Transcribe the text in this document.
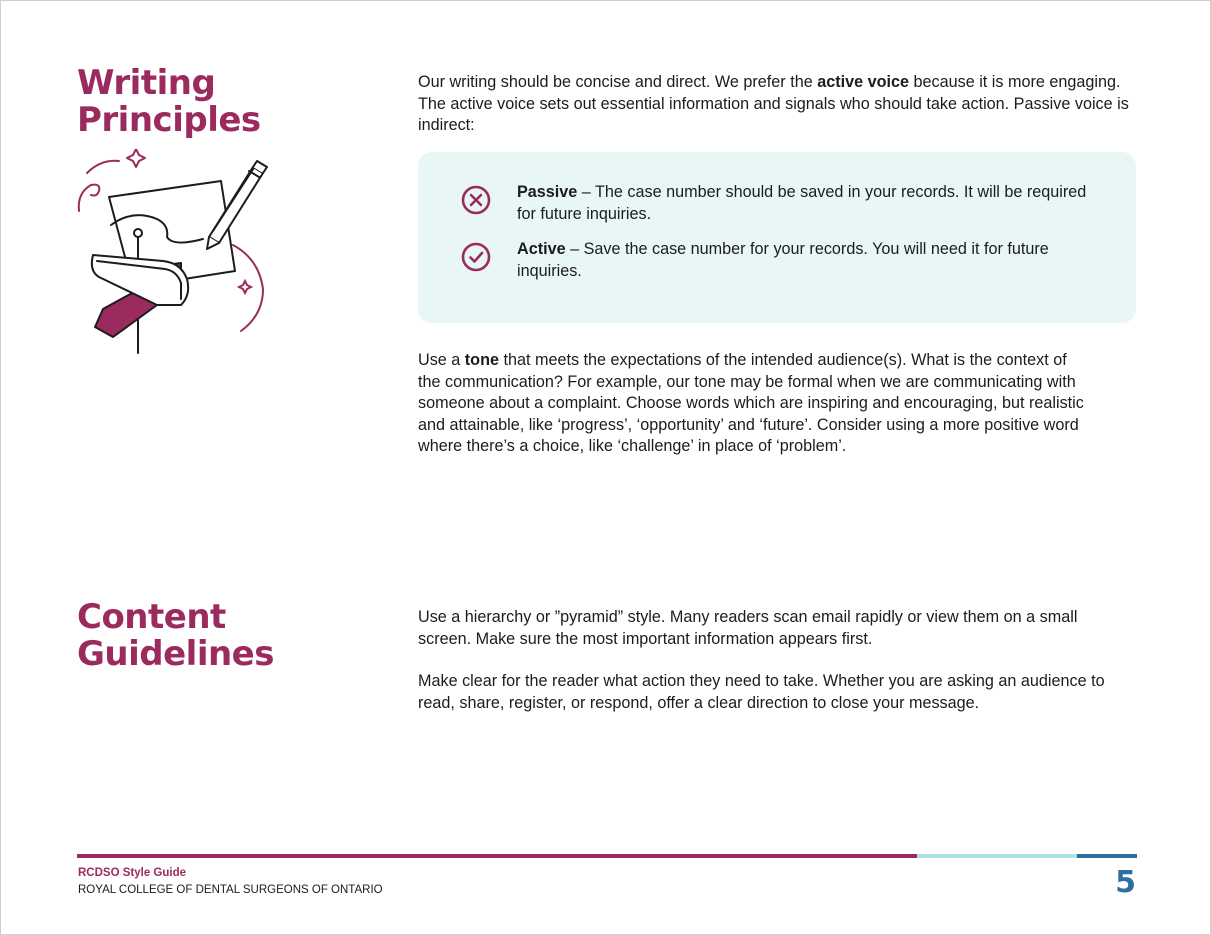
Writing
Principles

Our writing should be concise and direct. We prefer the active voice because it is more engaging. The active voice sets out essential information and signals who should take action. Passive voice is indirect:

Passive – The case number should be saved in your records. It will be required for future inquiries.
Active – Save the case number for your records. You will need it for future inquiries.

Use a tone that meets the expectations of the intended audience(s). What is the context of the communication? For example, our tone may be formal when we are communicating with someone about a complaint. Choose words which are inspiring and encouraging, but realistic and attainable, like ‘progress’, ‘opportunity’ and ‘future’. Consider using a more positive word where there’s a choice, like ‘challenge’ in place of ‘problem’.

Content
Guidelines

Use a hierarchy or ”pyramid” style. Many readers scan email rapidly or view them on a small screen. Make sure the most important information appears first.

Make clear for the reader what action they need to take. Whether you are asking an audience to read, share, register, or respond, offer a clear direction to close your message.

RCDSO Style Guide
ROYAL COLLEGE OF DENTAL SURGEONS OF ONTARIO	5
